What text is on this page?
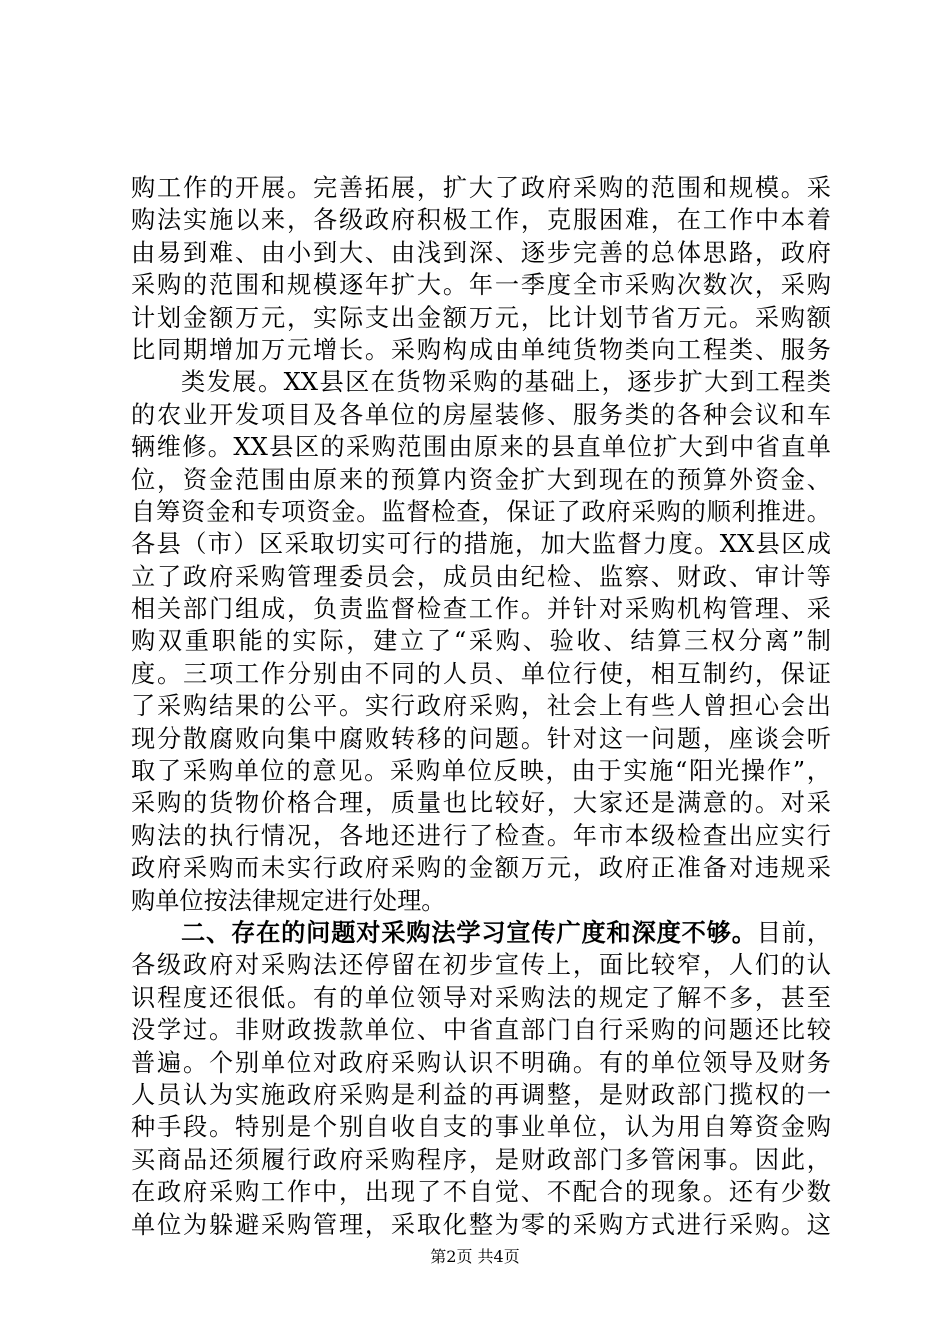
购工作的开展。完善拓展，扩大了政府采购的范围和规模。采
购法实施以来，各级政府积极工作，克服困难，在工作中本着
由易到难、由小到大、由浅到深、逐步完善的总体思路，政府
采购的范围和规模逐年扩大。年一季度全市采购次数次，采购
计划金额万元，实际支出金额万元，比计划节省万元。采购额
比同期增加万元增长。采购构成由单纯货物类向工程类、服务
类发展。XX县区在货物采购的基础上，逐步扩大到工程类
的农业开发项目及各单位的房屋装修、服务类的各种会议和车
辆维修。XX县区的采购范围由原来的县直单位扩大到中省直单
位，资金范围由原来的预算内资金扩大到现在的预算外资金、
自筹资金和专项资金。监督检查，保证了政府采购的顺利推进。
各县（市）区采取切实可行的措施，加大监督力度。XX县区成
立了政府采购管理委员会，成员由纪检、监察、财政、审计等
相关部门组成，负责监督检查工作。并针对采购机构管理、采
购双重职能的实际，建立了“采购、验收、结算三权分离”制
度。三项工作分别由不同的人员、单位行使，相互制约，保证
了采购结果的公平。实行政府采购，社会上有些人曾担心会出
现分散腐败向集中腐败转移的问题。针对这一问题，座谈会听
取了采购单位的意见。采购单位反映，由于实施“阳光操作”，
采购的货物价格合理，质量也比较好，大家还是满意的。对采
购法的执行情况，各地还进行了检查。年市本级检查出应实行
政府采购而未实行政府采购的金额万元，政府正准备对违规采
购单位按法律规定进行处理。
二、存在的问题对采购法学习宣传广度和深度不够。目前，
各级政府对采购法还停留在初步宣传上，面比较窄，人们的认
识程度还很低。有的单位领导对采购法的规定了解不多，甚至
没学过。非财政拨款单位、中省直部门自行采购的问题还比较
普遍。个别单位对政府采购认识不明确。有的单位领导及财务
人员认为实施政府采购是利益的再调整，是财政部门揽权的一
种手段。特别是个别自收自支的事业单位，认为用自筹资金购
买商品还须履行政府采购程序，是财政部门多管闲事。因此，
在政府采购工作中，出现了不自觉、不配合的现象。还有少数
单位为躲避采购管理，采取化整为零的采购方式进行采购。这
第2页 共4页
